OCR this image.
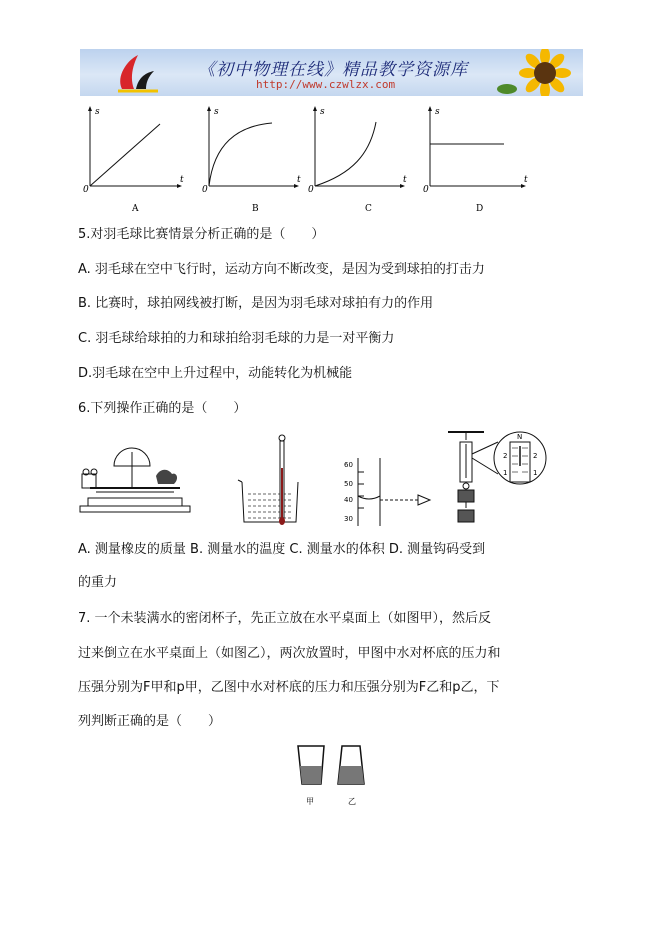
《初中物理在线》精品教学资源库
http://www.czwlzx.com
s
t
0
A
s
t
0
B
s
t
0
C
s
t
0
D
5.对羽毛球比赛情景分析正确的是（　　）
A. 羽毛球在空中飞行时，运动方向不断改变，是因为受到球拍的打击力
B. 比赛时，球拍网线被打断，是因为羽毛球对球拍有力的作用
C. 羽毛球给球拍的力和球拍给羽毛球的力是一对平衡力
D.羽毛球在空中上升过程中，动能转化为机械能
6.下列操作正确的是（　　）
60
50
40
30
N
2	2
1	1
A. 测量橡皮的质量 B. 测量水的温度 C. 测量水的体积 D. 测量钩码受到
的重力
7. 一个未装满水的密闭杯子，先正立放在水平桌面上（如图甲），然后反
过来倒立在水平桌面上（如图乙），两次放置时，甲图中水对杯底的压力和
压强分别为F甲和p甲，乙图中水对杯底的压力和压强分别为F乙和p乙，下
列判断正确的是（　　）
甲	乙
